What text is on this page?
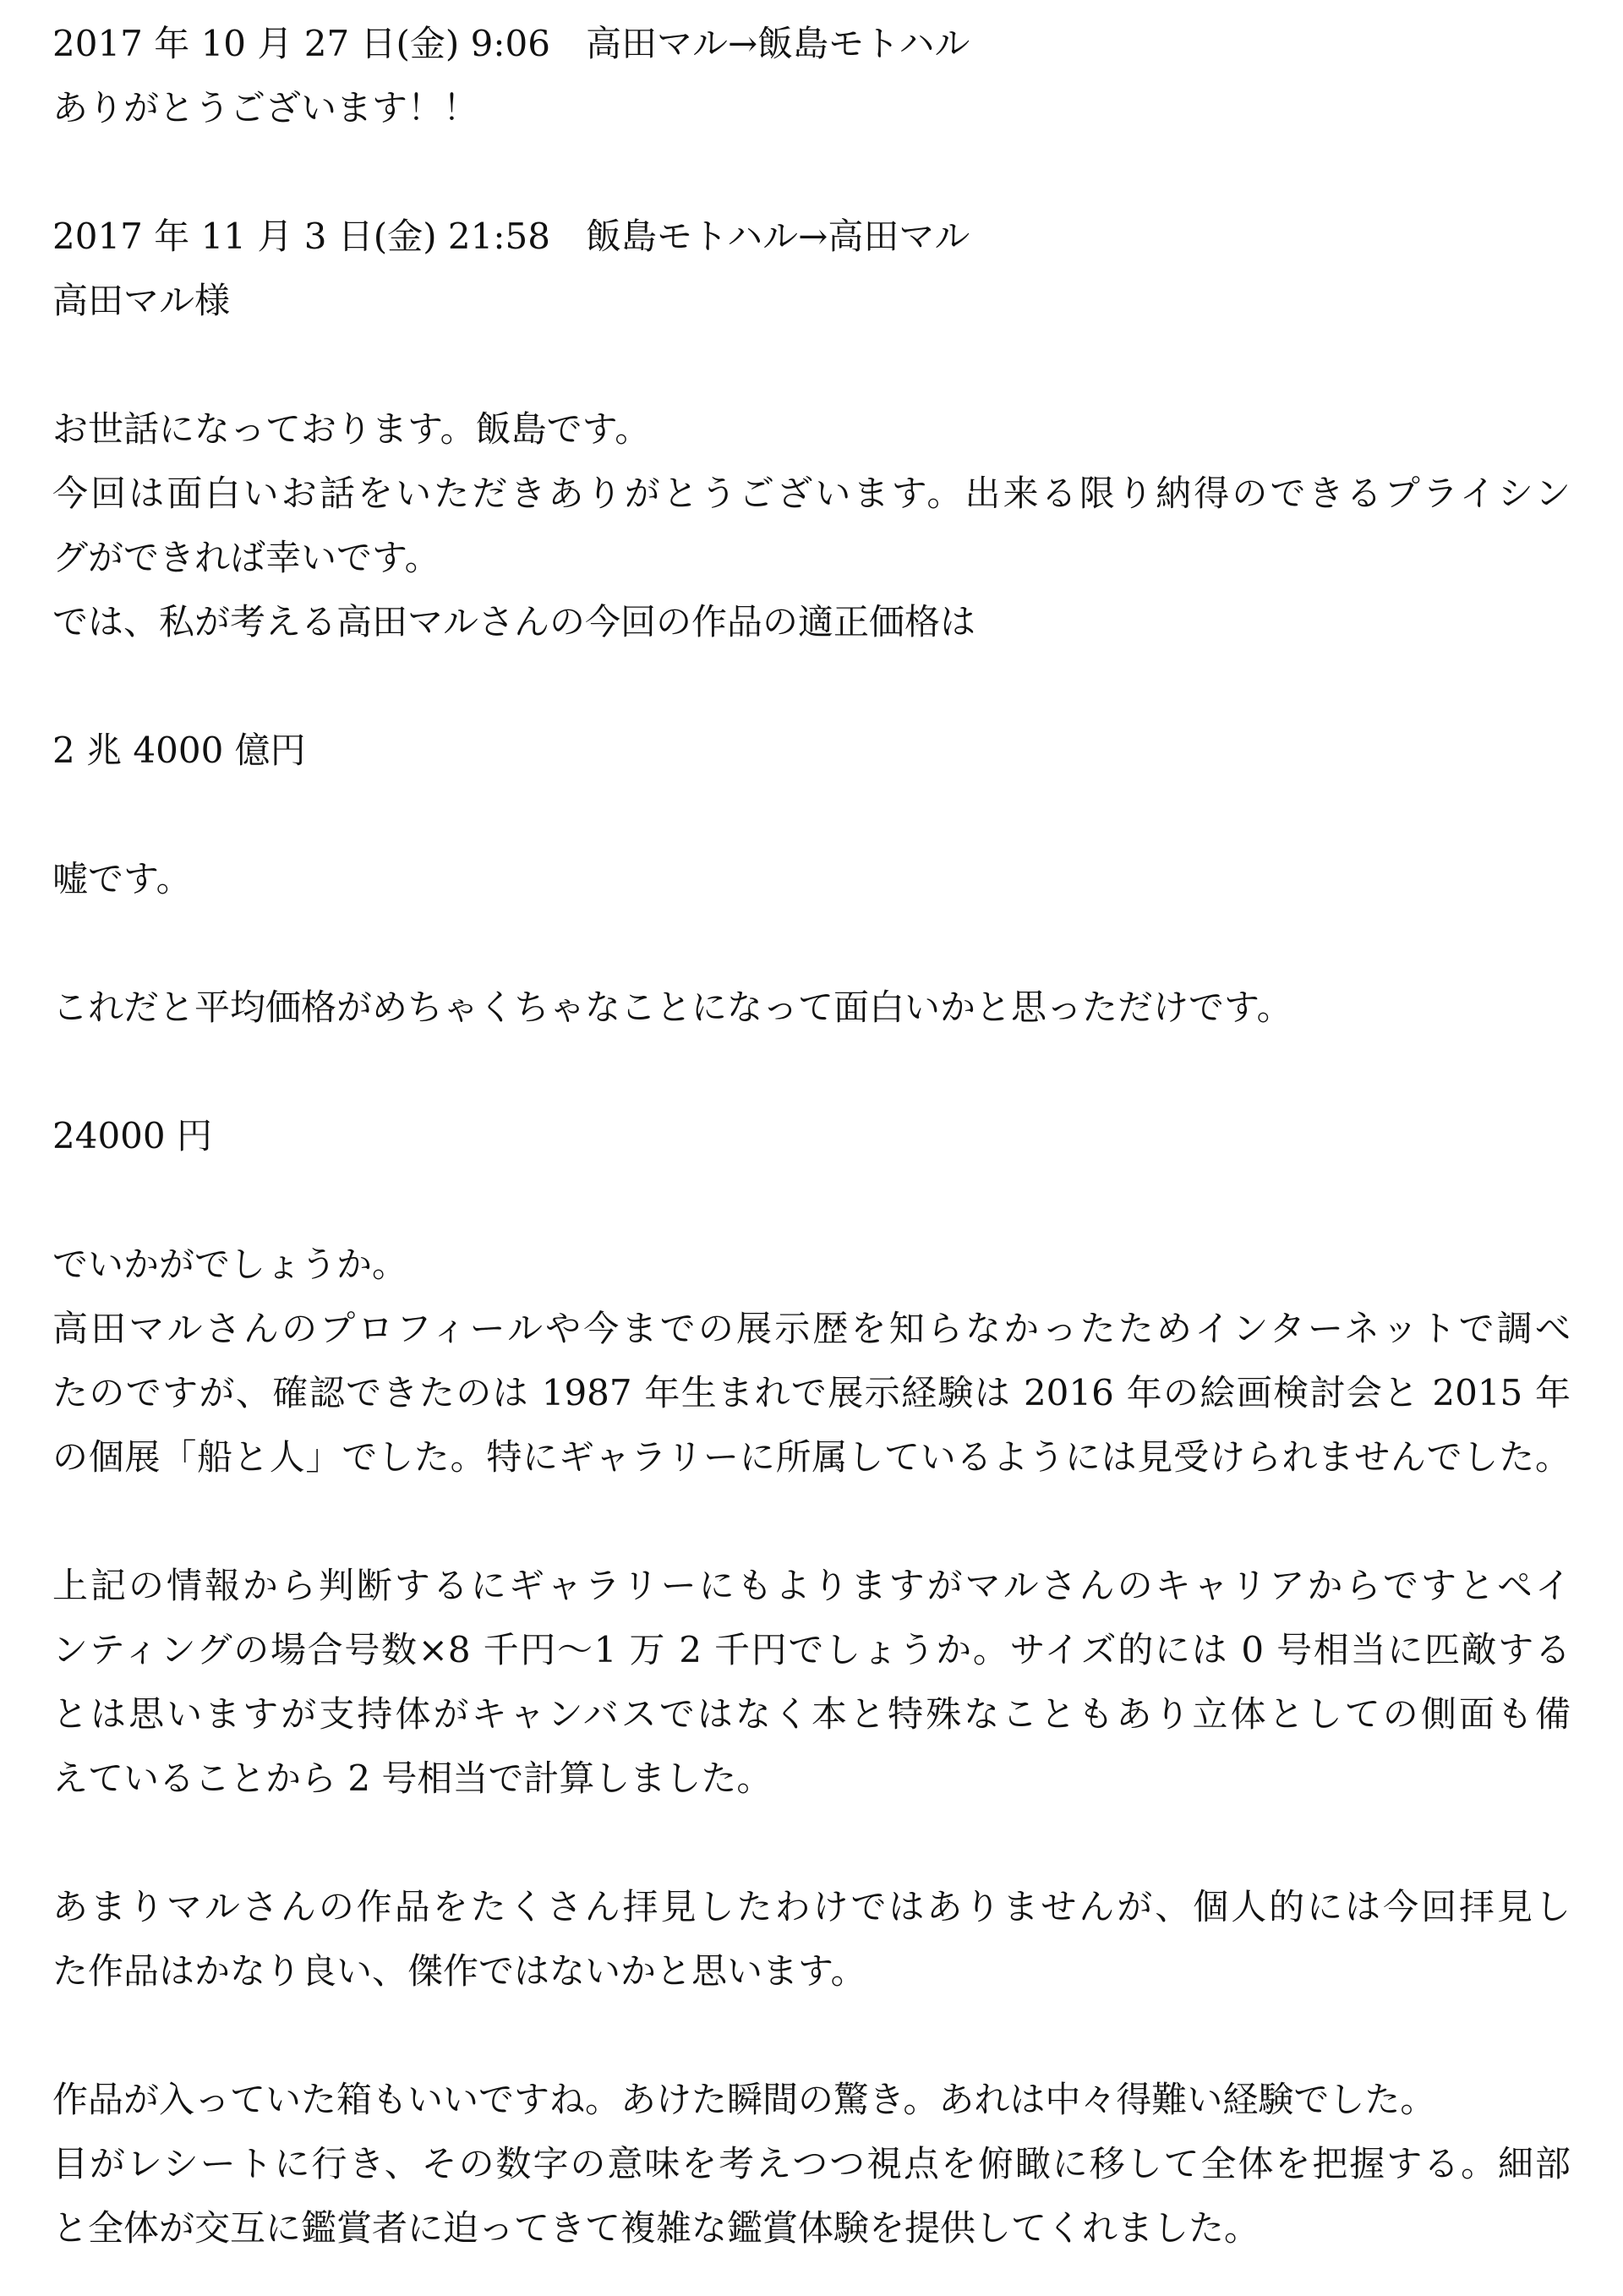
2017 年 10 月 27 日(金) 9:06　高田マル→飯島モトハル
ありがとうございます！！
2017 年 11 月 3 日(金) 21:58　飯島モトハル→高田マル
高田マル様
お世話になっております。飯島です。
今回は面白いお話をいただきありがとうございます。出来る限り納得のできるプライシン
グができれば幸いです。
では、私が考える高田マルさんの今回の作品の適正価格は
2 兆 4000 億円
嘘です。
これだと平均価格がめちゃくちゃなことになって面白いかと思っただけです。
24000 円
でいかがでしょうか。
高田マルさんのプロフィールや今までの展示歴を知らなかったためインターネットで調べ
たのですが、確認できたのは 1987 年生まれで展示経験は 2016 年の絵画検討会と 2015 年
の個展「船と人」でした。特にギャラリーに所属しているようには見受けられませんでした。
上記の情報から判断するにギャラリーにもよりますがマルさんのキャリアからですとペイ
ンティングの場合号数×8 千円〜1 万 2 千円でしょうか。サイズ的には 0 号相当に匹敵する
とは思いますが支持体がキャンバスではなく本と特殊なこともあり立体としての側面も備
えていることから 2 号相当で計算しました。
あまりマルさんの作品をたくさん拝見したわけではありませんが、個人的には今回拝見し
た作品はかなり良い、傑作ではないかと思います。
作品が入っていた箱もいいですね。あけた瞬間の驚き。あれは中々得難い経験でした。
目がレシートに行き、その数字の意味を考えつつ視点を俯瞰に移して全体を把握する。細部
と全体が交互に鑑賞者に迫ってきて複雑な鑑賞体験を提供してくれました。
